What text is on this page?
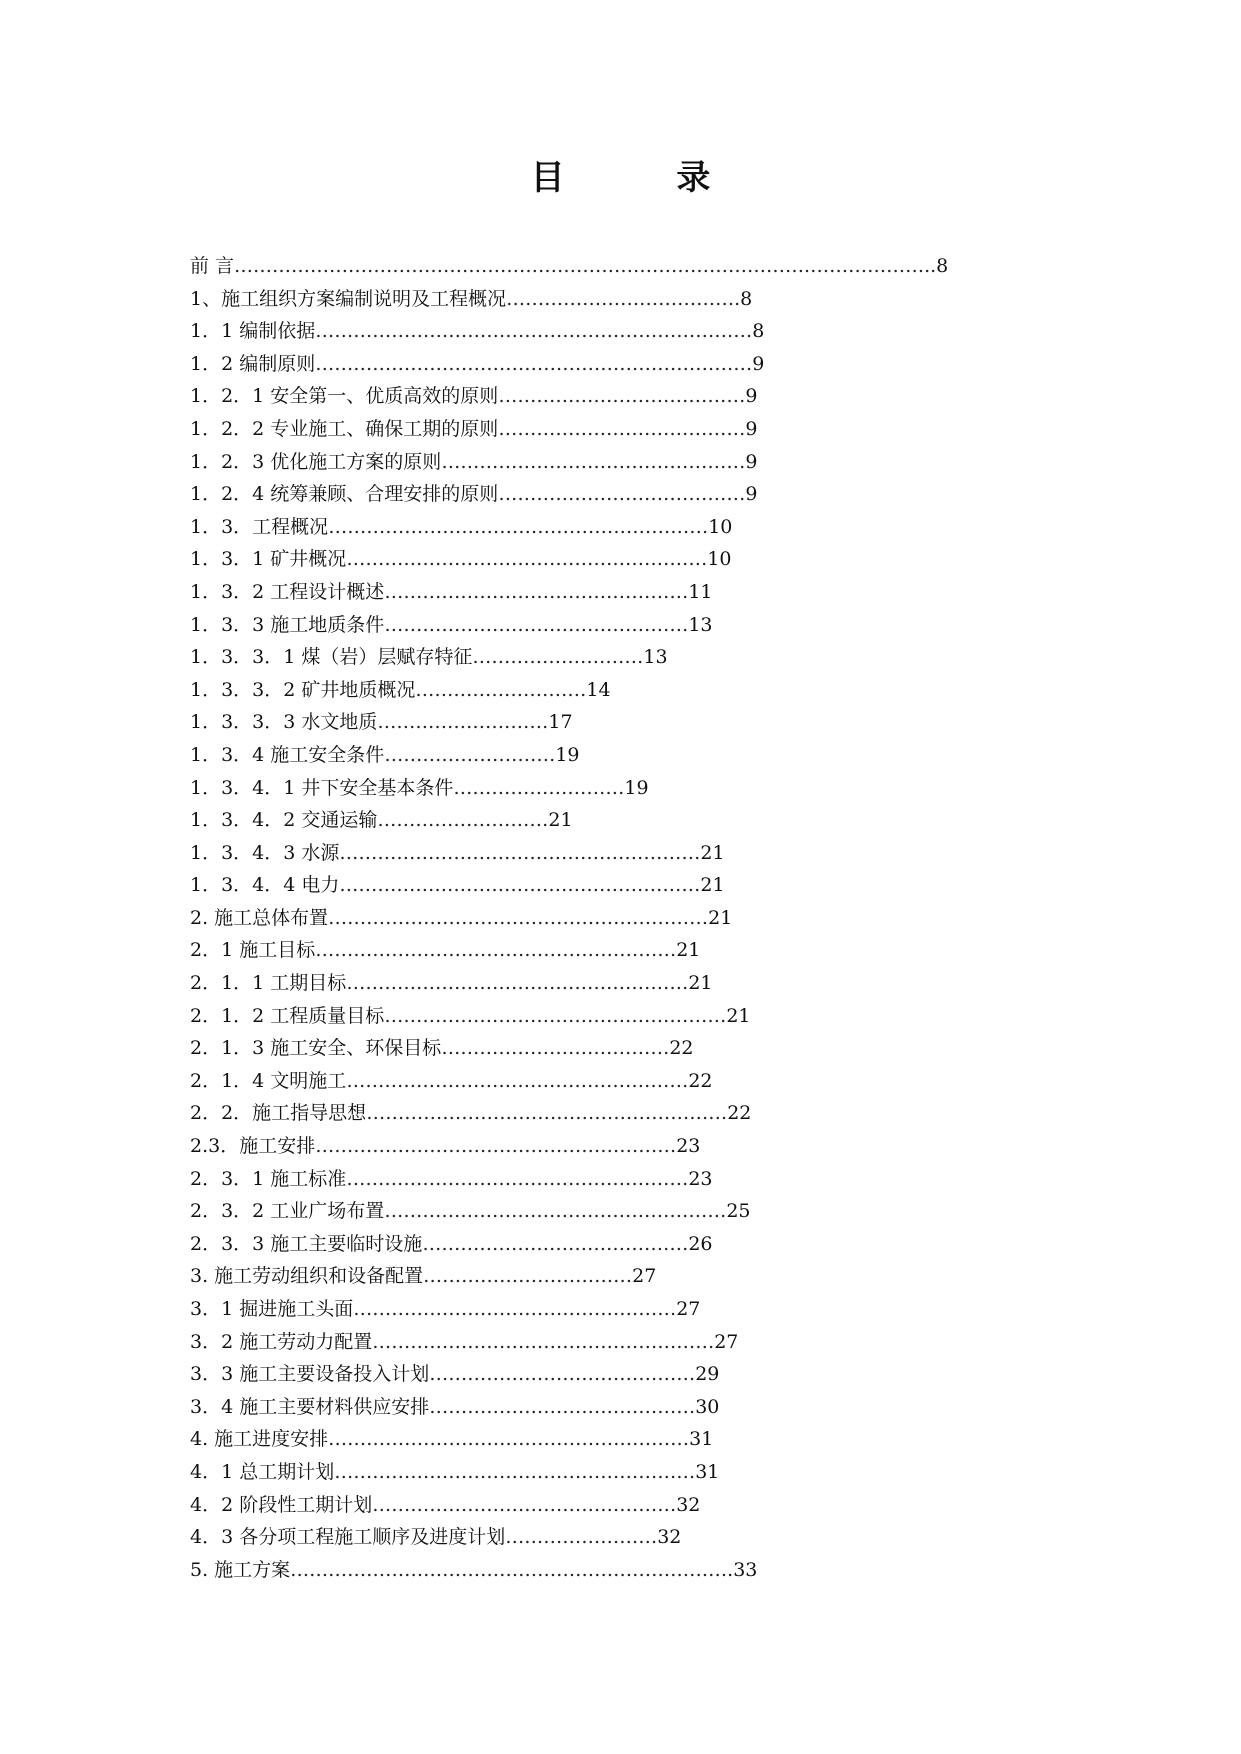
目 录
前 言……………………………………………………………………………….………………..8
1、施工组织方案编制说明及工程概况……………………………….8
1．1 编制依据……………………………………………………………8
1．2 编制原则……………………………………………………………9
1．2．1 安全第一、优质高效的原则…………………………………9
1．2．2 专业施工、确保工期的原则…………………………………9
1．2．3 优化施工方案的原则…………………………………………9
1．2．4 统筹兼顾、合理安排的原则…………………………………9
1．3．工程概况……………………………………………………10
1．3．1 矿井概况…………………………………………………10
1．3．2 工程设计概述…………………………………………11
1．3．3 施工地质条件…………………………………………13
1．3．3．1 煤（岩）层赋存特征………………………13
1．3．3．2 矿井地质概况………………………14
1．3．3．3 水文地质………………………17
1．3．4 施工安全条件………………………19
1．3．4．1 井下安全基本条件………………………19
1．3．4．2 交通运输………………………21
1．3．4．3 水源…………………………………………………21
1．3．4．4 电力…………………………………………………21
2. 施工总体布置……………………………………………………21
2．1 施工目标…………………………………………………21
2．1．1 工期目标………………………………………………21
2．1．2 工程质量目标………………………………………………21
2．1．3 施工安全、环保目标………………………………22
2．1．4 文明施工………………………………………………22
2．2．施工指导思想…………………………………………………22
2.3．施工安排…………………………………………………23
2．3．1 施工标准………………………………………………23
2．3．2 工业广场布置………………………………………………25
2．3．3 施工主要临时设施……………………………………26
3. 施工劳动组织和设备配置……………………………27
3．1 掘进施工头面……………………………………………27
3．2 施工劳动力配置………………………………………………27
3．3 施工主要设备投入计划……………………………………29
3．4 施工主要材料供应安排……………………………………30
4. 施工进度安排…………………………………………………31
4．1 总工期计划…………………………………………………31
4．2 阶段性工期计划…………………………………………32
4．3 各分项工程施工顺序及进度计划……………………32
5. 施工方案…………………………………………………………….33
